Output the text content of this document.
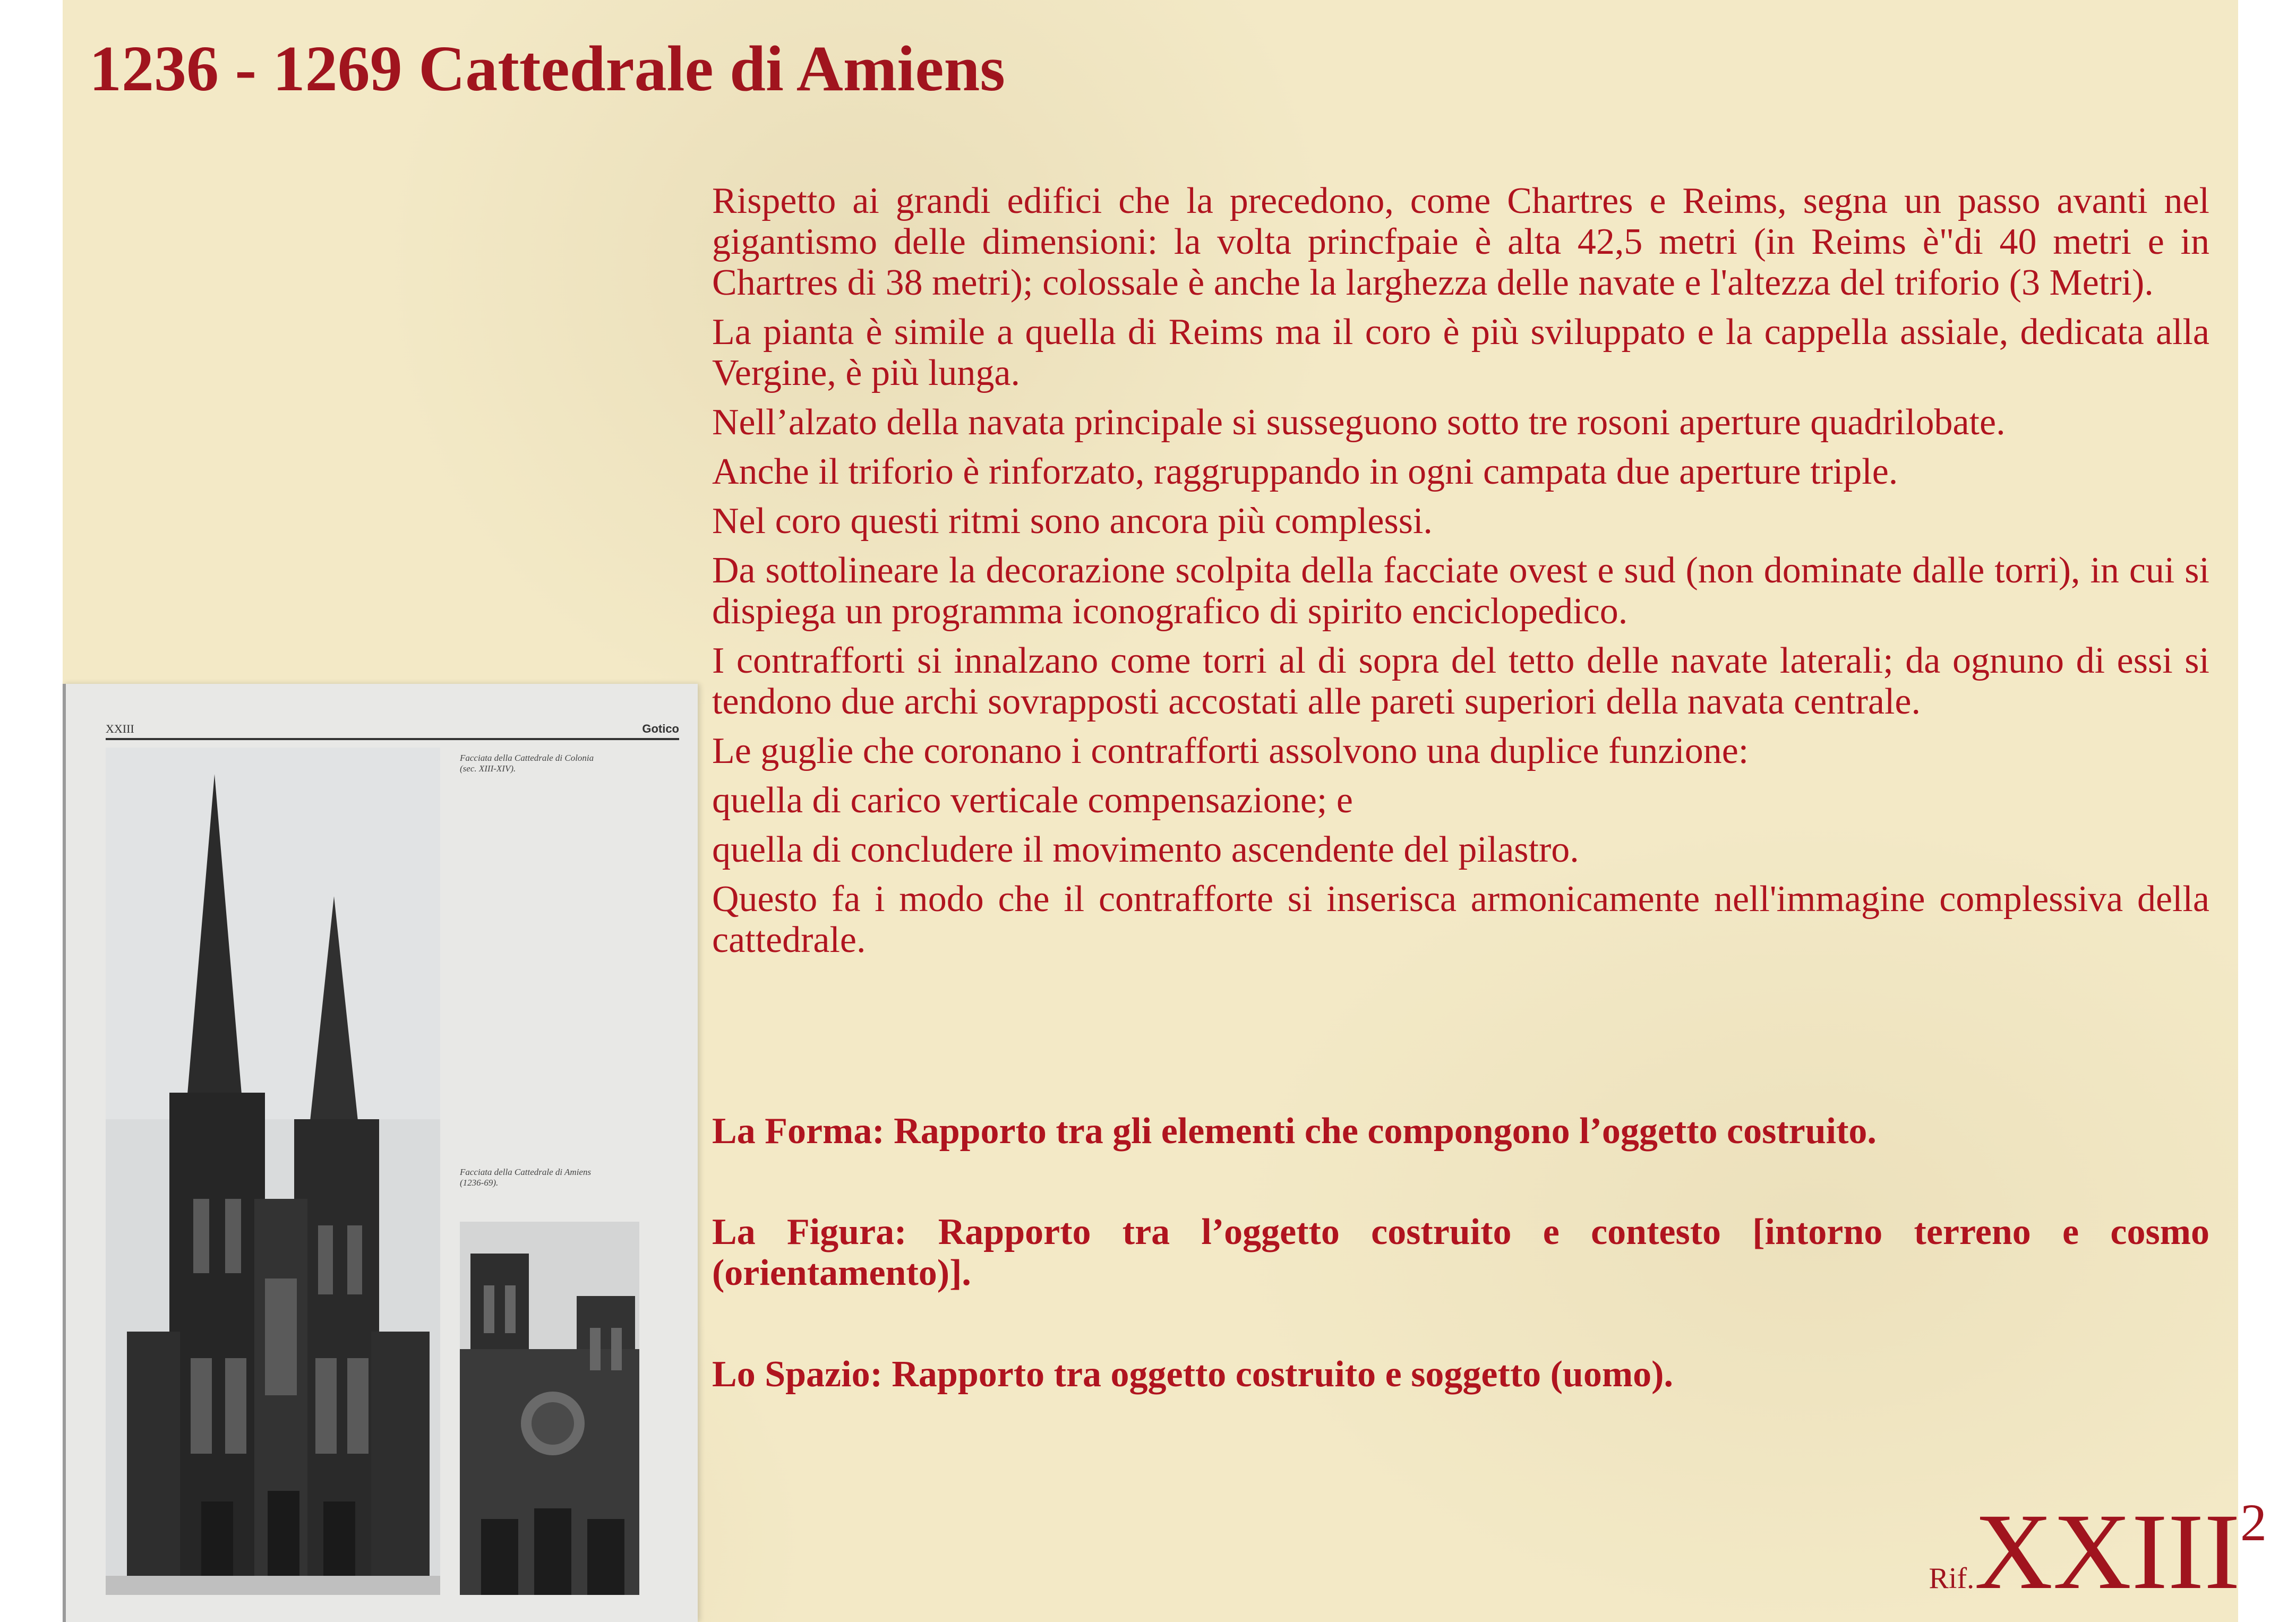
1236 - 1269 Cattedrale di Amiens

Rispetto ai grandi edifici che la precedono, come Chartres e Reims, segna un passo avanti nel gigantismo delle dimensioni: la volta princfpaie è alta 42,5 metri (in Reims è"di 40 metri e in Chartres di 38 metri); colossale è anche la larghezza delle navate e l'altezza del triforio (3 Metri).

La pianta è simile a quella di Reims ma il coro è più sviluppato e la cappella assiale, dedicata alla Vergine, è più lunga.

Nell’alzato della navata principale si susseguono sotto tre rosoni aperture quadrilobate.

Anche il triforio è rinforzato, raggruppando in ogni campata due aperture triple.

Nel coro questi ritmi sono ancora più complessi.

Da sottolineare la decorazione scolpita della facciate ovest e sud (non dominate dalle torri), in cui si dispiega un programma iconografico di spirito enciclopedico.

I contrafforti si innalzano come torri al di sopra del tetto delle navate laterali; da ognuno di essi si tendono due archi sovrapposti accostati alle pareti superiori della navata centrale.

Le guglie che coronano i contrafforti assolvono una duplice funzione:

quella di carico verticale compensazione; e

quella di concludere il movimento ascendente del pilastro.

Questo fa i modo che il contrafforte si inserisca armonicamente nell'immagine complessiva della cattedrale.

La Forma: Rapporto tra gli elementi che compongono l’oggetto costruito.

La Figura: Rapporto tra l’oggetto costruito e contesto [intorno terreno e cosmo (orientamento)].

Lo Spazio: Rapporto tra oggetto costruito e soggetto (uomo).

Rif.XXIII2
XXIII	Gotico
Facciata della Cattedrale di Colonia (sec. XIII-XIV).
Facciata della Cattedrale di Amiens (1236-69).
